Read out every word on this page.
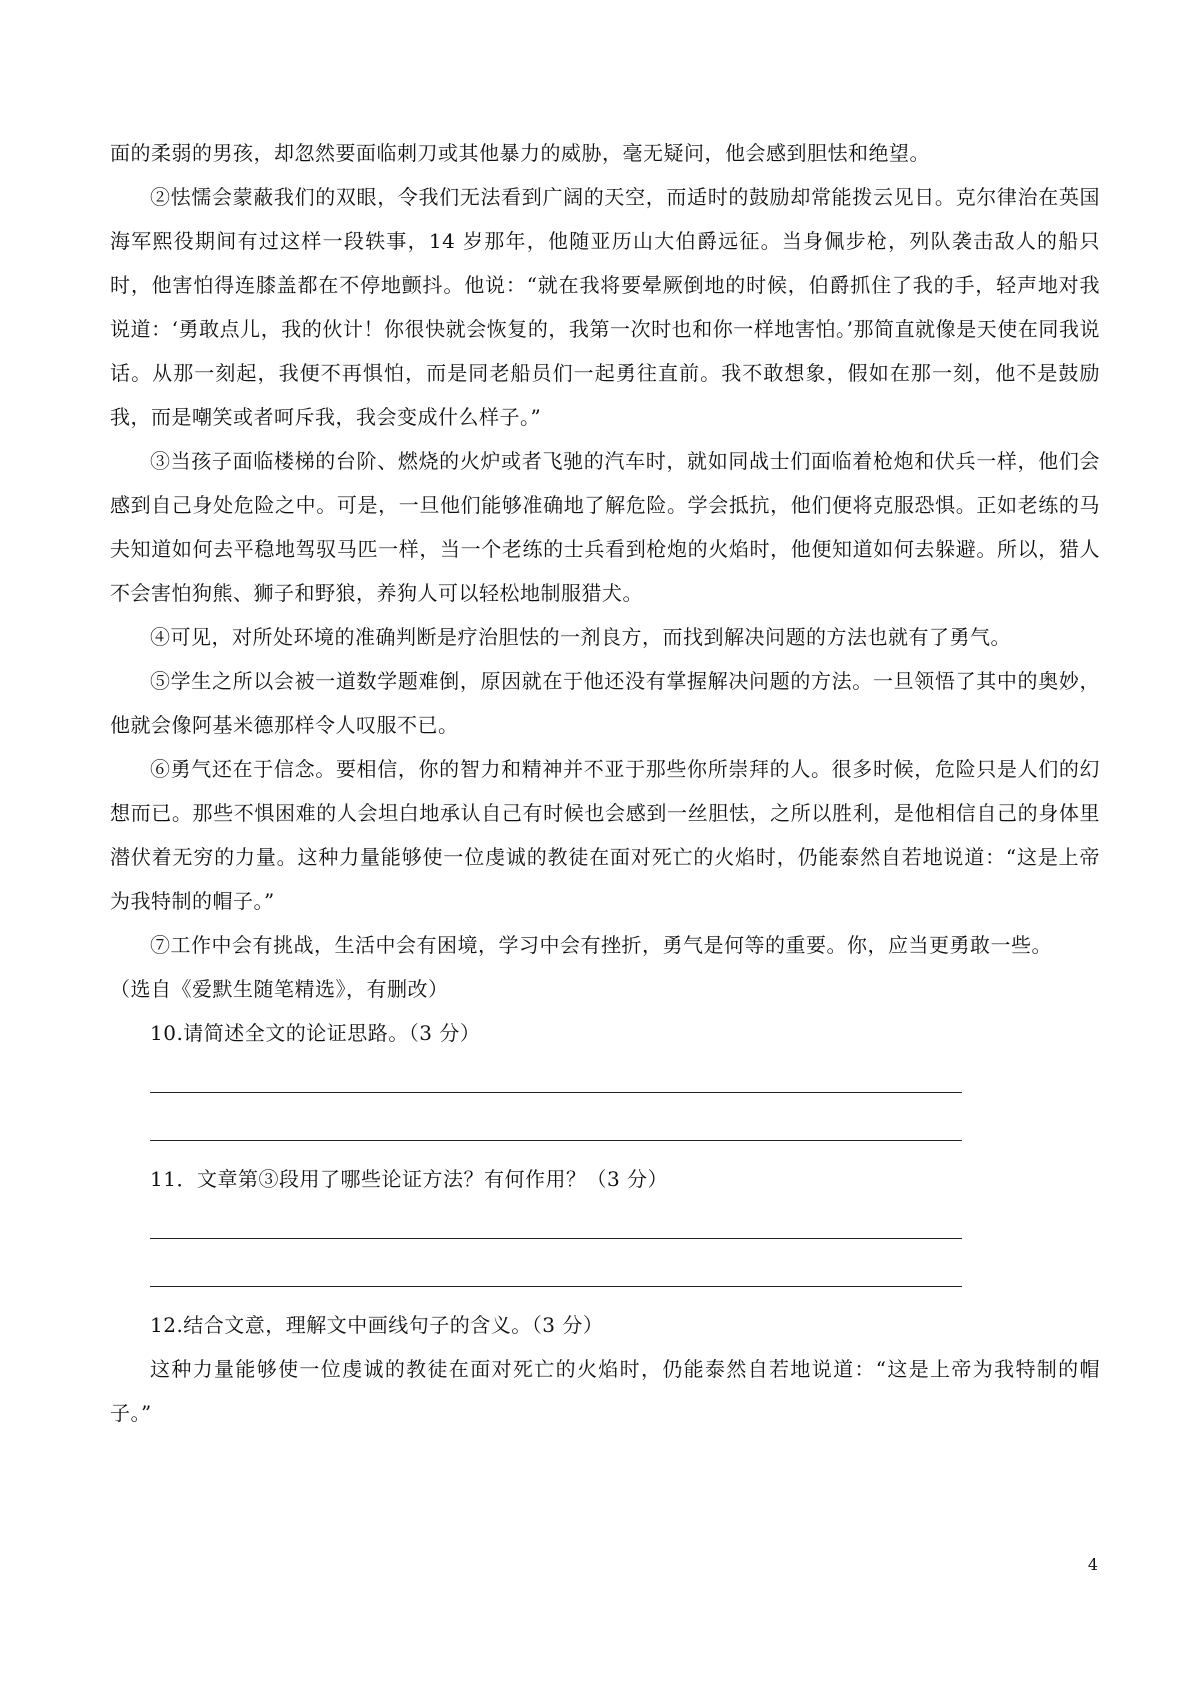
面的柔弱的男孩，却忽然要面临刺刀或其他暴力的威胁，毫无疑问，他会感到胆怯和绝望。

②怯懦会蒙蔽我们的双眼，令我们无法看到广阔的天空，而适时的鼓励却常能拨云见日。克尔律治在英国海军熙役期间有过这样一段轶事，14 岁那年，他随亚历山大伯爵远征。当身佩步枪，列队袭击敌人的船只时，他害怕得连膝盖都在不停地颤抖。他说：“就在我将要晕厥倒地的时候，伯爵抓住了我的手，轻声地对我说道：‘勇敢点儿，我的伙计！你很快就会恢复的，我第一次时也和你一样地害怕。’那简直就像是天使在同我说话。从那一刻起，我便不再惧怕，而是同老船员们一起勇往直前。我不敢想象，假如在那一刻，他不是鼓励我，而是嘲笑或者呵斥我，我会变成什么样子。”

③当孩子面临楼梯的台阶、燃烧的火炉或者飞驰的汽车时，就如同战士们面临着枪炮和伏兵一样，他们会感到自己身处危险之中。可是，一旦他们能够准确地了解危险。学会抵抗，他们便将克服恐惧。正如老练的马夫知道如何去平稳地驾驭马匹一样，当一个老练的士兵看到枪炮的火焰时，他便知道如何去躲避。所以，猎人不会害怕狗熊、狮子和野狼，养狗人可以轻松地制服猎犬。

④可见，对所处环境的准确判断是疗治胆怯的一剂良方，而找到解决问题的方法也就有了勇气。

⑤学生之所以会被一道数学题难倒，原因就在于他还没有掌握解决问题的方法。一旦领悟了其中的奥妙，他就会像阿基米德那样令人叹服不已。

⑥勇气还在于信念。要相信，你的智力和精神并不亚于那些你所崇拜的人。很多时候，危险只是人们的幻想而已。那些不惧困难的人会坦白地承认自己有时候也会感到一丝胆怯，之所以胜利，是他相信自己的身体里潜伏着无穷的力量。这种力量能够使一位虔诚的教徒在面对死亡的火焰时，仍能泰然自若地说道：“这是上帝为我特制的帽子。”

⑦工作中会有挑战，生活中会有困境，学习中会有挫折，勇气是何等的重要。你，应当更勇敢一些。

（选自《爱默生随笔精选》，有删改）

10.请简述全文的论证思路。（3 分）

11．文章第③段用了哪些论证方法？有何作用？（3 分）

12.结合文意，理解文中画线句子的含义。（3 分）

这种力量能够使一位虔诚的教徒在面对死亡的火焰时，仍能泰然自若地说道：“这是上帝为我特制的帽子。”

4
